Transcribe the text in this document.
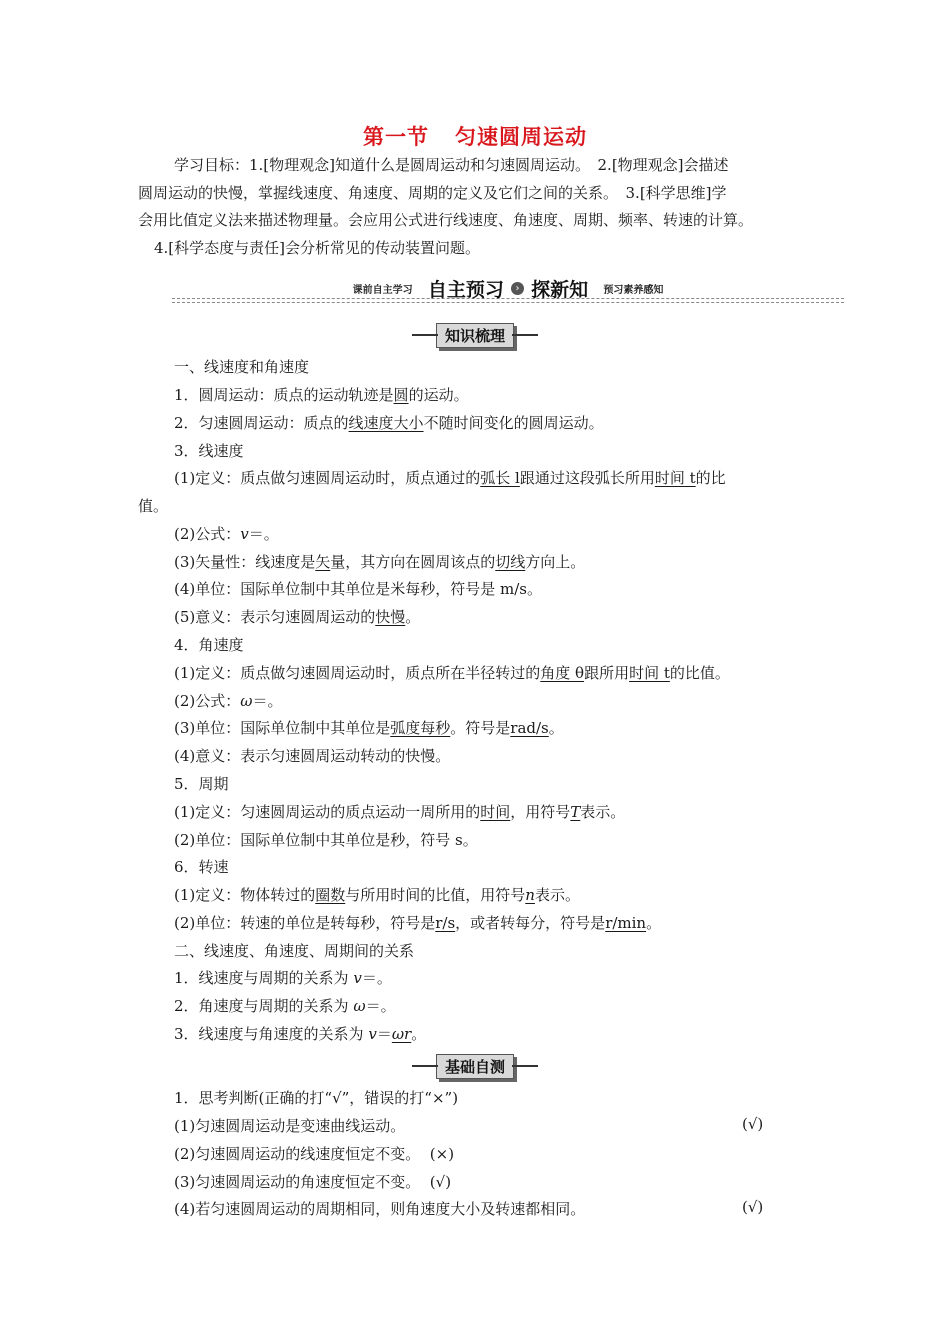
第一节 匀速圆周运动

学习目标：1.[物理观念]知道什么是圆周运动和匀速圆周运动。　2.[物理观念]会描述

圆周运动的快慢，掌握线速度、角速度、周期的定义及它们之间的关系。　3.[科学思维]学

会用比值定义法来描述物理量。会应用公式进行线速度、角速度、周期、频率、转速的计算。

4.[科学态度与责任]会分析常见的传动装置问题。

课前自主学习 自主预习 › 探新知 预习素养感知
知识梳理
一、线速度和角速度
1．圆周运动：质点的运动轨迹是圆的运动。
2．匀速圆周运动：质点的线速度大小不随时间变化的圆周运动。
3．线速度
(1)定义：质点做匀速圆周运动时，质点通过的弧长 l跟通过这段弧长所用时间 t的比
值。
(2)公式：v＝。
(3)矢量性：线速度是矢量，其方向在圆周该点的切线方向上。
(4)单位：国际单位制中其单位是米每秒，符号是 m/s。
(5)意义：表示匀速圆周运动的快慢。
4．角速度
(1)定义：质点做匀速圆周运动时，质点所在半径转过的角度 θ跟所用时间 t的比值。
(2)公式：ω＝。
(3)单位：国际单位制中其单位是弧度每秒。符号是rad/s。
(4)意义：表示匀速圆周运动转动的快慢。
5．周期
(1)定义：匀速圆周运动的质点运动一周所用的时间，用符号T表示。
(2)单位：国际单位制中其单位是秒，符号 s。
6．转速
(1)定义：物体转过的圈数与所用时间的比值，用符号n表示。
(2)单位：转速的单位是转每秒，符号是r/s，或者转每分，符号是r/min。
二、线速度、角速度、周期间的关系
1．线速度与周期的关系为 v＝。
2．角速度与周期的关系为 ω＝。
3．线速度与角速度的关系为 v＝ωr。
基础自测
1．思考判断(正确的打“√”，错误的打“×”)
(1)匀速圆周运动是变速曲线运动。	(√)
(2)匀速圆周运动的线速度恒定不变。 (×)
(3)匀速圆周运动的角速度恒定不变。 (√)
(4)若匀速圆周运动的周期相同，则角速度大小及转速都相同。	(√)
